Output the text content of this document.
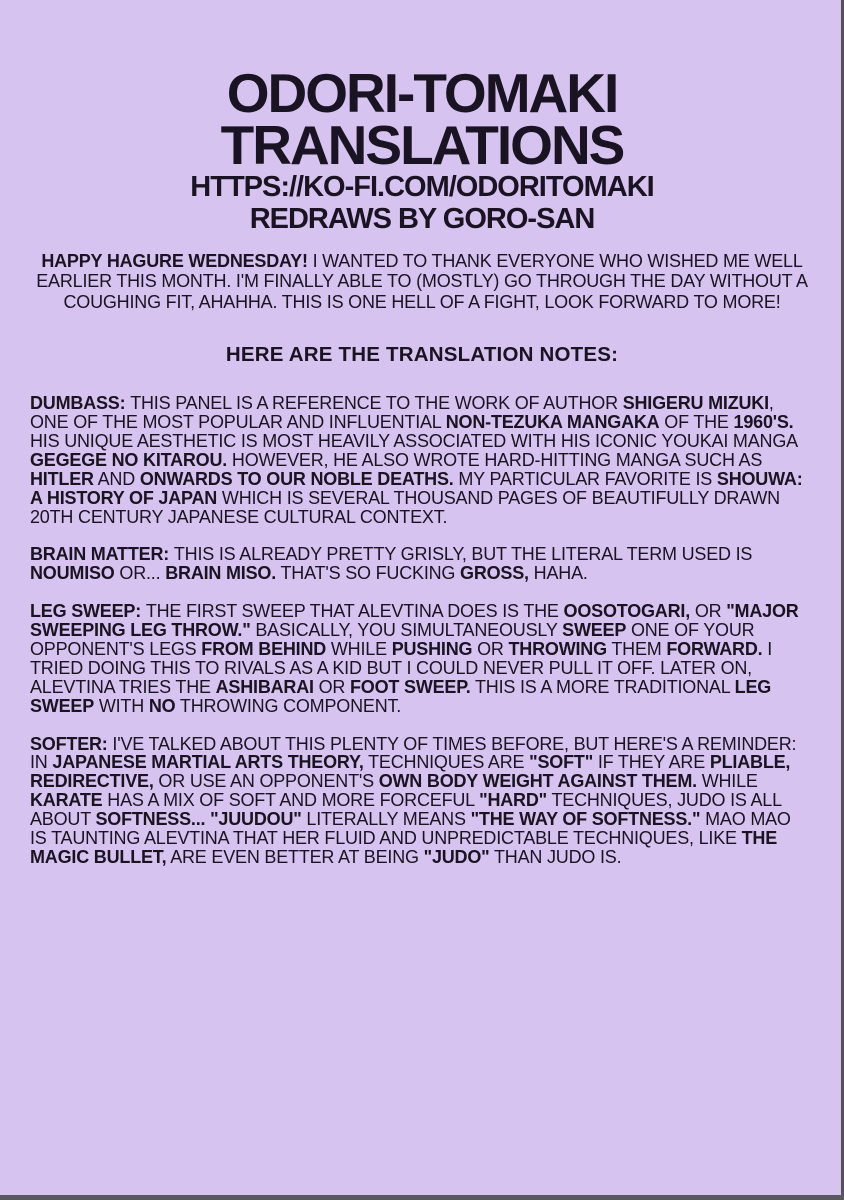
ODORI-TOMAKI
TRANSLATIONS
HTTPS://KO-FI.COM/ODORITOMAKI
REDRAWS BY GORO-SAN

HAPPY HAGURE WEDNESDAY! I WANTED TO THANK EVERYONE WHO WISHED ME WELL EARLIER THIS MONTH. I'M FINALLY ABLE TO (MOSTLY) GO THROUGH THE DAY WITHOUT A COUGHING FIT, AHAHHA. THIS IS ONE HELL OF A FIGHT, LOOK FORWARD TO MORE!

HERE ARE THE TRANSLATION NOTES:

DUMBASS: THIS PANEL IS A REFERENCE TO THE WORK OF AUTHOR SHIGERU MIZUKI, ONE OF THE MOST POPULAR AND INFLUENTIAL NON-TEZUKA MANGAKA OF THE 1960'S. HIS UNIQUE AESTHETIC IS MOST HEAVILY ASSOCIATED WITH HIS ICONIC YOUKAI MANGA GEGEGE NO KITAROU. HOWEVER, HE ALSO WROTE HARD-HITTING MANGA SUCH AS HITLER AND ONWARDS TO OUR NOBLE DEATHS. MY PARTICULAR FAVORITE IS SHOUWA: A HISTORY OF JAPAN WHICH IS SEVERAL THOUSAND PAGES OF BEAUTIFULLY DRAWN 20TH CENTURY JAPANESE CULTURAL CONTEXT.

BRAIN MATTER: THIS IS ALREADY PRETTY GRISLY, BUT THE LITERAL TERM USED IS NOUMISO OR... BRAIN MISO. THAT'S SO FUCKING GROSS, HAHA.

LEG SWEEP: THE FIRST SWEEP THAT ALEVTINA DOES IS THE OOSOTOGARI, OR "MAJOR SWEEPING LEG THROW." BASICALLY, YOU SIMULTANEOUSLY SWEEP ONE OF YOUR OPPONENT'S LEGS FROM BEHIND WHILE PUSHING OR THROWING THEM FORWARD. I TRIED DOING THIS TO RIVALS AS A KID BUT I COULD NEVER PULL IT OFF. LATER ON, ALEVTINA TRIES THE ASHIBARAI OR FOOT SWEEP. THIS IS A MORE TRADITIONAL LEG SWEEP WITH NO THROWING COMPONENT.

SOFTER: I'VE TALKED ABOUT THIS PLENTY OF TIMES BEFORE, BUT HERE'S A REMINDER: IN JAPANESE MARTIAL ARTS THEORY, TECHNIQUES ARE "SOFT" IF THEY ARE PLIABLE, REDIRECTIVE, OR USE AN OPPONENT'S OWN BODY WEIGHT AGAINST THEM. WHILE KARATE HAS A MIX OF SOFT AND MORE FORCEFUL "HARD" TECHNIQUES, JUDO IS ALL ABOUT SOFTNESS... "JUUDOU" LITERALLY MEANS "THE WAY OF SOFTNESS." MAO MAO IS TAUNTING ALEVTINA THAT HER FLUID AND UNPREDICTABLE TECHNIQUES, LIKE THE MAGIC BULLET, ARE EVEN BETTER AT BEING "JUDO" THAN JUDO IS.
